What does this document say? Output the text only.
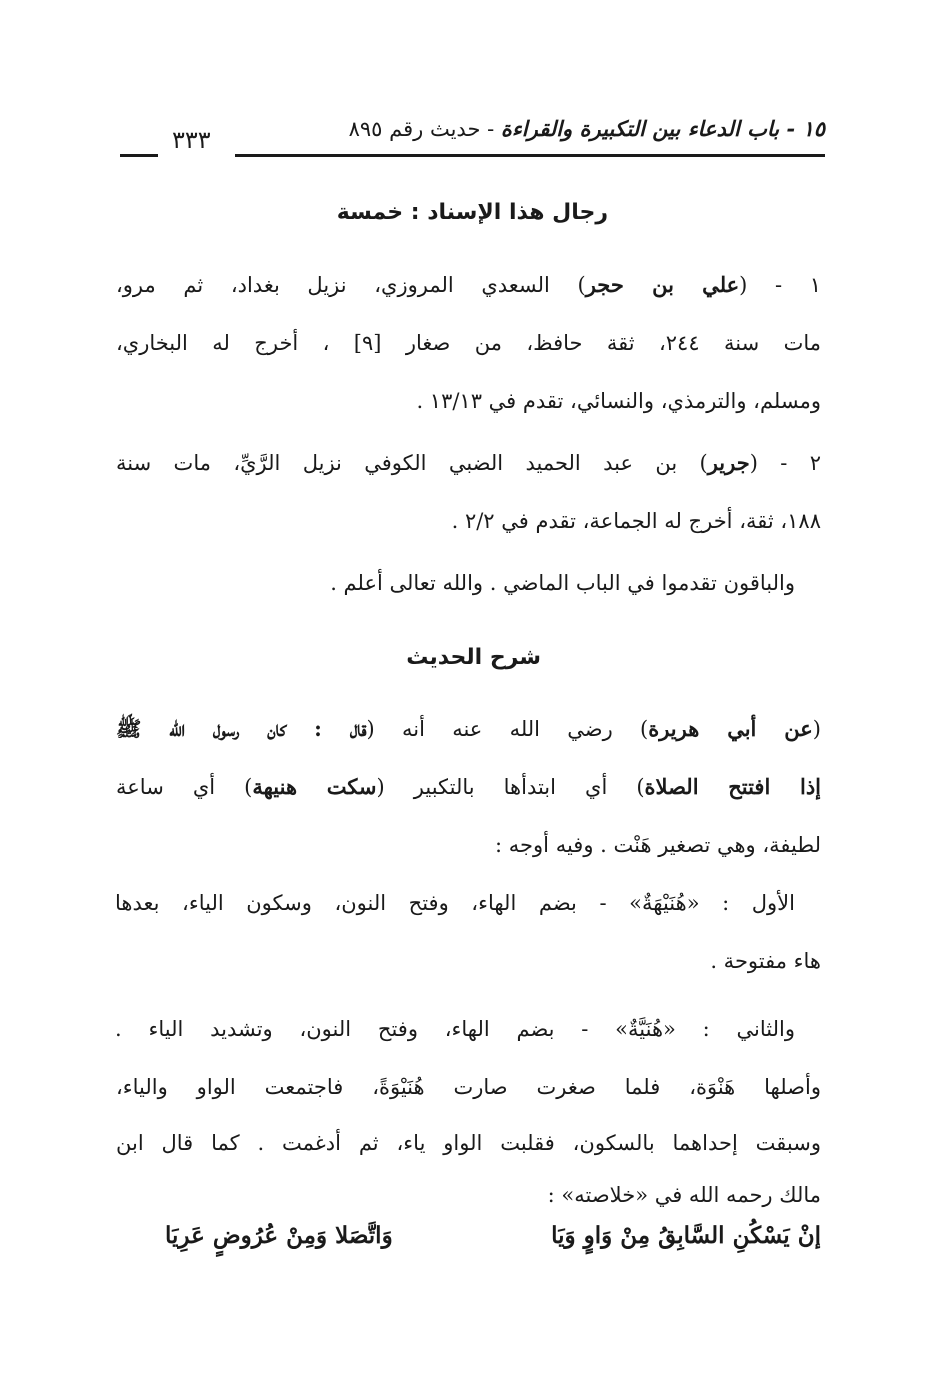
١٥ - باب الدعاء بين التكبيرة والقراءة - حديث رقم ٨٩٥
٣٣٣
رجال هذا الإسناد : خمسة
١ - (علي بن حجر) السعدي المروزي، نزيل بغداد، ثم مرو،
مات سنة ٢٤٤، ثقة حافظ، من صغار [٩] ، أخرج له البخاري،
ومسلم، والترمذي، والنسائي، تقدم في ١٣/١٣ .
٢ - (جرير) بن عبد الحميد الضبي الكوفي نزيل الرَّيِّ، مات سنة
١٨٨، ثقة، أخرج له الجماعة، تقدم في ٢/٢ .
والباقون تقدموا في الباب الماضي . والله تعالى أعلم .
شرح الحديث
(عن أبي هريرة) رضي الله عنه أنه (قال : كان رسول الله ﷺ
إذا افتتح الصلاة) أي ابتدأها بالتكبير (سكت هنيهة) أي ساعة
لطيفة، وهي تصغير هَنْت . وفيه أوجه :
الأول : «هُنَيْهَةٌ» - بضم الهاء، وفتح النون، وسكون الياء، بعدها
هاء مفتوحة .
والثاني : «هُنَيَّةٌ» - بضم الهاء، وفتح النون، وتشديد الياء .
وأصلها هَنْوَة، فلما صغرت صارت هُنَيْوَةً، فاجتمعت الواو والياء،
وسبقت إحداهما بالسكون، فقلبت الواو ياء، ثم أدغمت . كما قال ابن
مالك رحمه الله في «خلاصته» :
إنْ يَسْكُنِ السَّابِقُ مِنْ وَاوٍ وَيَا
وَاتَّصَلا وَمِنْ عُرُوضٍ عَرِيَا
